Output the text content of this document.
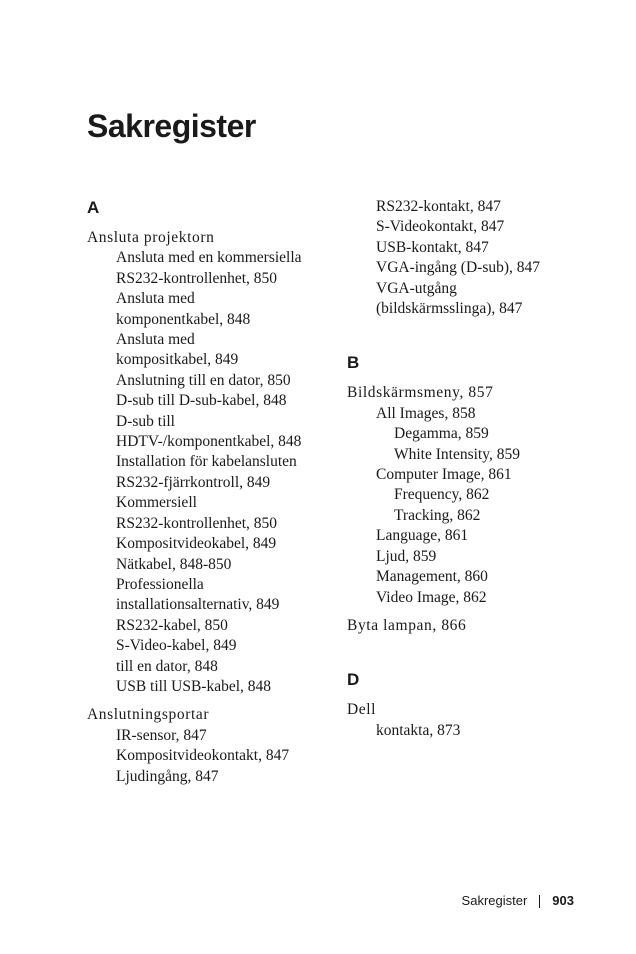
Sakregister
A
Ansluta projektorn
Ansluta med en kommersiella
RS232-kontrollenhet, 850
Ansluta med
komponentkabel, 848
Ansluta med
kompositkabel, 849
Anslutning till en dator, 850
D-sub till D-sub-kabel, 848
D-sub till
HDTV-/komponentkabel, 848
Installation för kabelansluten
RS232-fjärrkontroll, 849
Kommersiell
RS232-kontrollenhet, 850
Kompositvideokabel, 849
Nätkabel, 848-850
Professionella
installationsalternativ, 849
RS232-kabel, 850
S-Video-kabel, 849
till en dator, 848
USB till USB-kabel, 848
Anslutningsportar
IR-sensor, 847
Kompositvideokontakt, 847
Ljudingång, 847
RS232-kontakt, 847
S-Videokontakt, 847
USB-kontakt, 847
VGA-ingång (D-sub), 847
VGA-utgång
(bildskärmsslinga), 847
B
Bildskärmsmeny, 857
All Images, 858
Degamma, 859
White Intensity, 859
Computer Image, 861
Frequency, 862
Tracking, 862
Language, 861
Ljud, 859
Management, 860
Video Image, 862
Byta lampan, 866
D
Dell
kontakta, 873
Sakregister 903
